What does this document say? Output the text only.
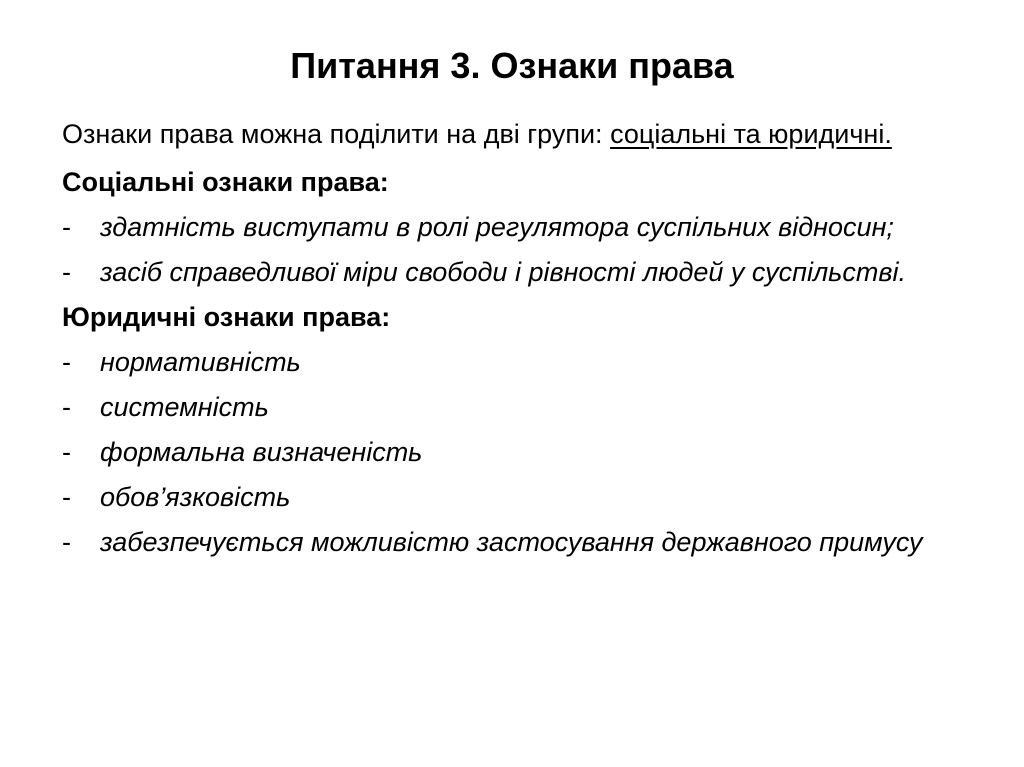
Питання 3. Ознаки права
Ознаки права можна поділити на дві групи: соціальні та юридичні.
Соціальні ознаки права:
- здатність виступати в ролі регулятора суспільних відносин;
- засіб справедливої міри свободи і рівності людей у суспільстві.
Юридичні ознаки права:
- нормативність
- системність
- формальна визначеність
- обов’язковість
- забезпечується можливістю застосування державного примусу
